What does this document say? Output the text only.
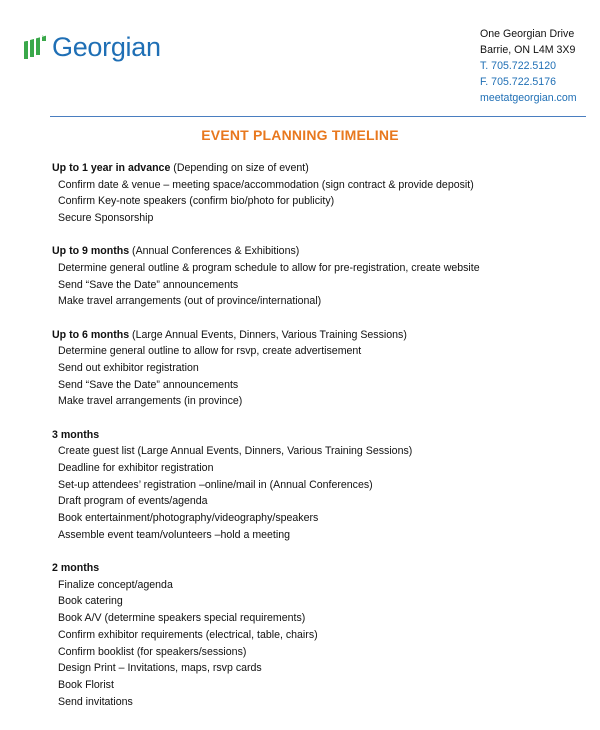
Georgian	One Georgian Drive
Barrie, ON L4M 3X9
T. 705.722.5120
F. 705.722.5176
meetatgeorgian.com
EVENT PLANNING TIMELINE
Up to 1 year in advance (Depending on size of event)
Confirm date & venue – meeting space/accommodation (sign contract & provide deposit)
Confirm Key-note speakers (confirm bio/photo for publicity)
Secure Sponsorship
Up to 9 months (Annual Conferences & Exhibitions)
Determine general outline & program schedule to allow for pre-registration, create website
Send “Save the Date” announcements
Make travel arrangements (out of province/international)
Up to 6 months (Large Annual Events, Dinners, Various Training Sessions)
Determine general outline to allow for rsvp, create advertisement
Send out exhibitor registration
Send “Save the Date” announcements
Make travel arrangements (in province)
3 months
Create guest list (Large Annual Events, Dinners, Various Training Sessions)
Deadline for exhibitor registration
Set-up attendees’ registration –online/mail in (Annual Conferences)
Draft program of events/agenda
Book entertainment/photography/videography/speakers
Assemble event team/volunteers –hold a meeting
2 months
Finalize concept/agenda
Book catering
Book A/V (determine speakers special requirements)
Confirm exhibitor requirements (electrical, table, chairs)
Confirm booklist (for speakers/sessions)
Design Print – Invitations, maps, rsvp cards
Book Florist
Send invitations
